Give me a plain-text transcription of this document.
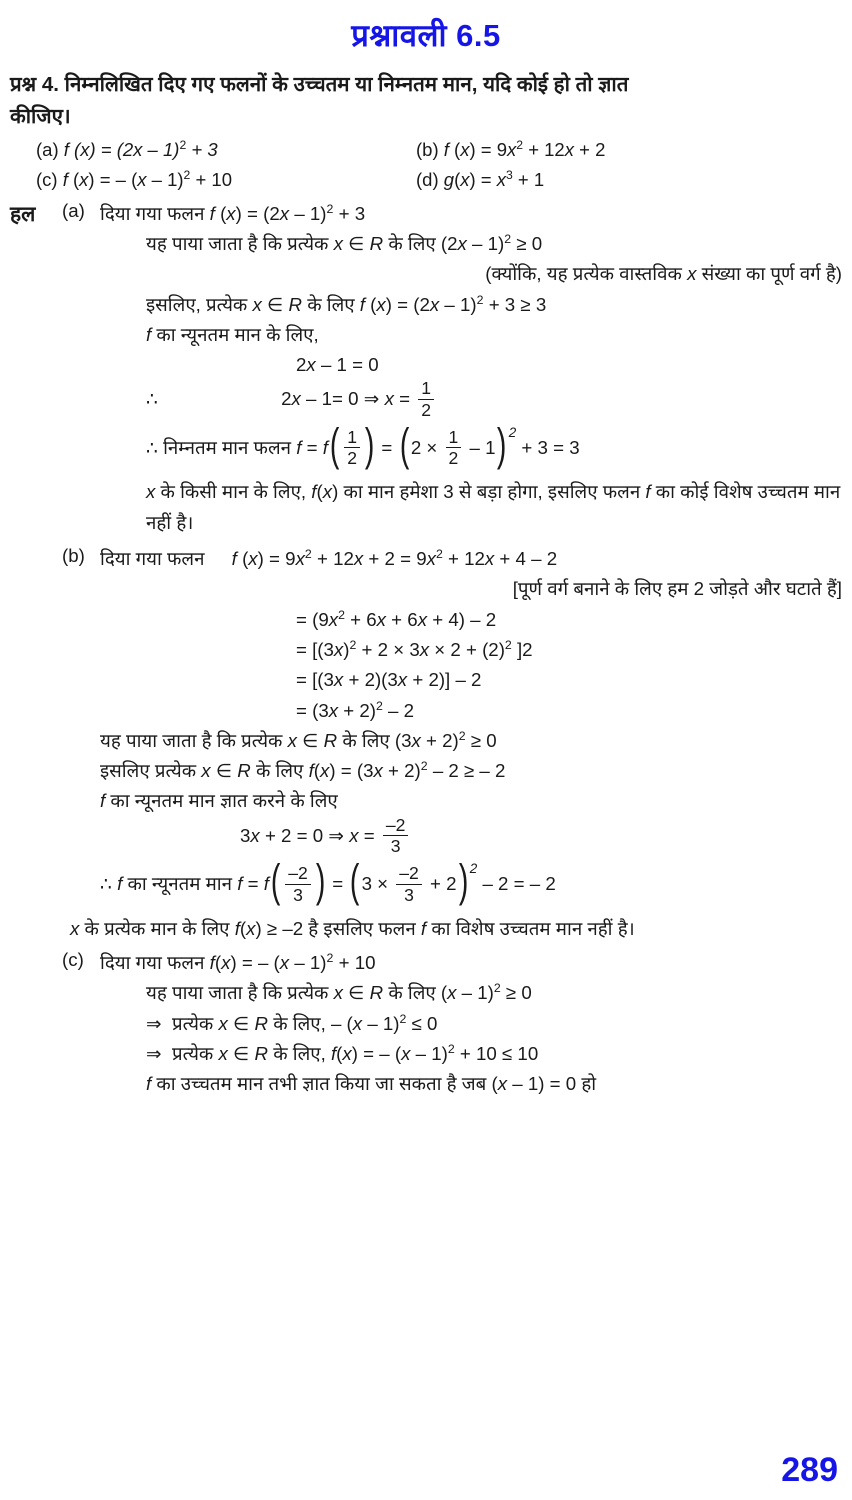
प्रश्नावली 6.5
प्रश्न 4. निम्नलिखित दिए गए फलनों के उच्चतम या निम्नतम मान, यदि कोई हो तो ज्ञात
कीजिए।
(a) f (x) = (2x – 1)$^2$ + 3	(b) f $(x) = 9x^2 + 12x + 2$
(c) f (x) = – (x – 1)$^2$ + 10	(d) $g(x) = x^3 + 1$
हल	(a) दिया गया फलन f (x) = (2x – 1)$^2$ + 3
यह पाया जाता है कि प्रत्येक x ∈ R के लिए (2x – 1)$^2$ ≥ 0
(क्योंकि, यह प्रत्येक वास्तविक x संख्या का पूर्ण वर्ग है)
इसलिए, प्रत्येक x ∈ R के लिए f (x) = (2x – 1)$^2$ + 3 ≥ 3
f का न्यूनतम मान के लिए,
2x – 1 = 0
∴	2x – 1= 0 ⇒ $x = \frac{1}{2}$
∴ निम्नतम मान फलन $f = f( \frac{1}{2}$ ) = ( $2 \times \frac{1}{2} - 1$) 2 + 3 = 3
x के किसी मान के लिए, f(x) का मान हमेशा 3 से बड़ा होगा, इसलिए फलन f का कोई विशेष उच्चतम मान नहीं है।
(b) दिया गया फलन f $(x) = 9x^2 + 12x + 2 = 9x^2 + 12x + 4 - 2$
[पूर्ण वर्ग बनाने के लिए हम 2 जोड़ते और घटाते हैं]
= $(9x^2 + 6x + 6x + 4) - 2$
= [$(3x)^2 + 2 \times 3x \times 2 + (2)^2$ ]2
= [(3x + 2)(3x + 2)] – 2
= $(3x + 2)^2 - 2$
यह पाया जाता है कि प्रत्येक x ∈ R के लिए $(3x + 2)^2 \ge 0$
इसलिए प्रत्येक x ∈ R के लिए $f(x) = (3x + 2)^2 - 2$ ≥ – 2
f का न्यूनतम मान ज्ञात करने के लिए
3x + 2 = 0 ⇒ $x = \frac{-2}{3}$
∴ f का न्यूनतम मान $f = f( \frac{-2}{3}$ ) = ( $3 \times \frac{-2}{3} + 2$) 2 – 2 = – 2
x के प्रत्येक मान के लिए f(x) ≥ –2 है इसलिए फलन f का विशेष उच्चतम मान नहीं है।
(c) दिया गया फलन f(x) = – (x – 1)$^2$ + 10
यह पाया जाता है कि प्रत्येक x ∈ R के लिए (x – 1)$^2$ ≥ 0
⇒  प्रत्येक x ∈ R के लिए, – (x – 1)$^2$ ≤ 0
⇒  प्रत्येक x ∈ R के लिए, f(x) = – (x – 1)$^2$ + 10 ≤ 10
f का उच्चतम मान तभी ज्ञात किया जा सकता है जब (x – 1) = 0 हो
289
